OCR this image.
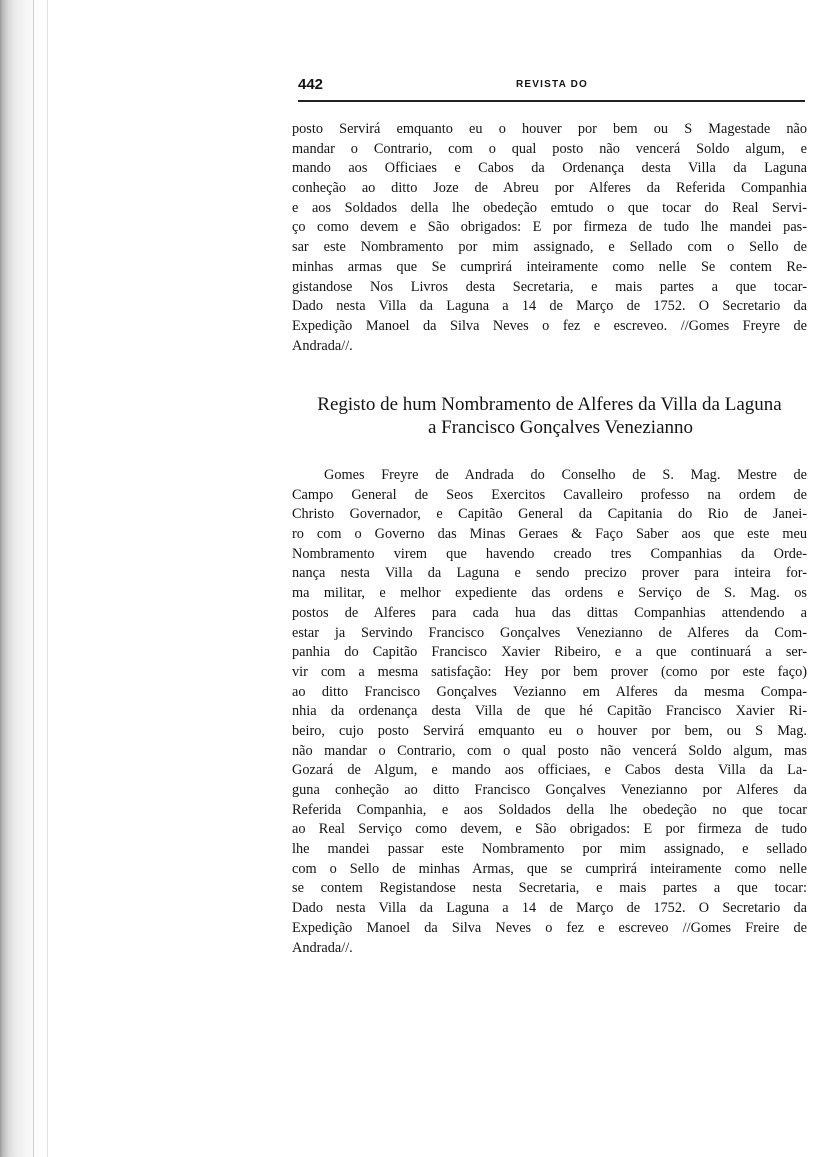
442	REVISTA DO
posto Servirá emquanto eu o houver por bem ou S Magestade não
mandar o Contrario, com o qual posto não vencerá Soldo algum, e
mando aos Officiaes e Cabos da Ordenança desta Villa da Laguna
conheção ao ditto Joze de Abreu por Alferes da Referida Companhia
e aos Soldados della lhe obedeção emtudo o que tocar do Real Servi-
ço como devem e São obrigados: E por firmeza de tudo lhe mandei pas-
sar este Nombramento por mim assignado, e Sellado com o Sello de
minhas armas que Se cumprirá inteiramente como nelle Se contem Re-
gistandose Nos Livros desta Secretaria, e mais partes a que tocar-
Dado nesta Villa da Laguna a 14 de Março de 1752. O Secretario da
Expedição Manoel da Silva Neves o fez e escreveo. //Gomes Freyre de
Andrada//.
Registo de hum Nombramento de Alferes da Villa da Laguna
a Francisco Gonçalves Venezianno
Gomes Freyre de Andrada do Conselho de S. Mag. Mestre de
Campo General de Seos Exercitos Cavalleiro professo na ordem de
Christo Governador, e Capitão General da Capitania do Rio de Janei-
ro com o Governo das Minas Geraes & Faço Saber aos que este meu
Nombramento virem que havendo creado tres Companhias da Orde-
nança nesta Villa da Laguna e sendo precizo prover para inteira for-
ma militar, e melhor expediente das ordens e Serviço de S. Mag. os
postos de Alferes para cada hua das dittas Companhias attendendo a
estar ja Servindo Francisco Gonçalves Venezianno de Alferes da Com-
panhia do Capitão Francisco Xavier Ribeiro, e a que continuará a ser-
vir com a mesma satisfação: Hey por bem prover (como por este faço)
ao ditto Francisco Gonçalves Vezianno em Alferes da mesma Compa-
nhia da ordenança desta Villa de que hé Capitão Francisco Xavier Ri-
beiro, cujo posto Servirá emquanto eu o houver por bem, ou S Mag.
não mandar o Contrario, com o qual posto não vencerá Soldo algum, mas
Gozará de Algum, e mando aos officiaes, e Cabos desta Villa da La-
guna conheção ao ditto Francisco Gonçalves Venezianno por Alferes da
Referida Companhia, e aos Soldados della lhe obedeção no que tocar
ao Real Serviço como devem, e São obrigados: E por firmeza de tudo
lhe mandei passar este Nombramento por mim assignado, e sellado
com o Sello de minhas Armas, que se cumprirá inteiramente como nelle
se contem Registandose nesta Secretaria, e mais partes a que tocar:
Dado nesta Villa da Laguna a 14 de Março de 1752. O Secretario da
Expedição Manoel da Silva Neves o fez e escreveo //Gomes Freire de
Andrada//.
